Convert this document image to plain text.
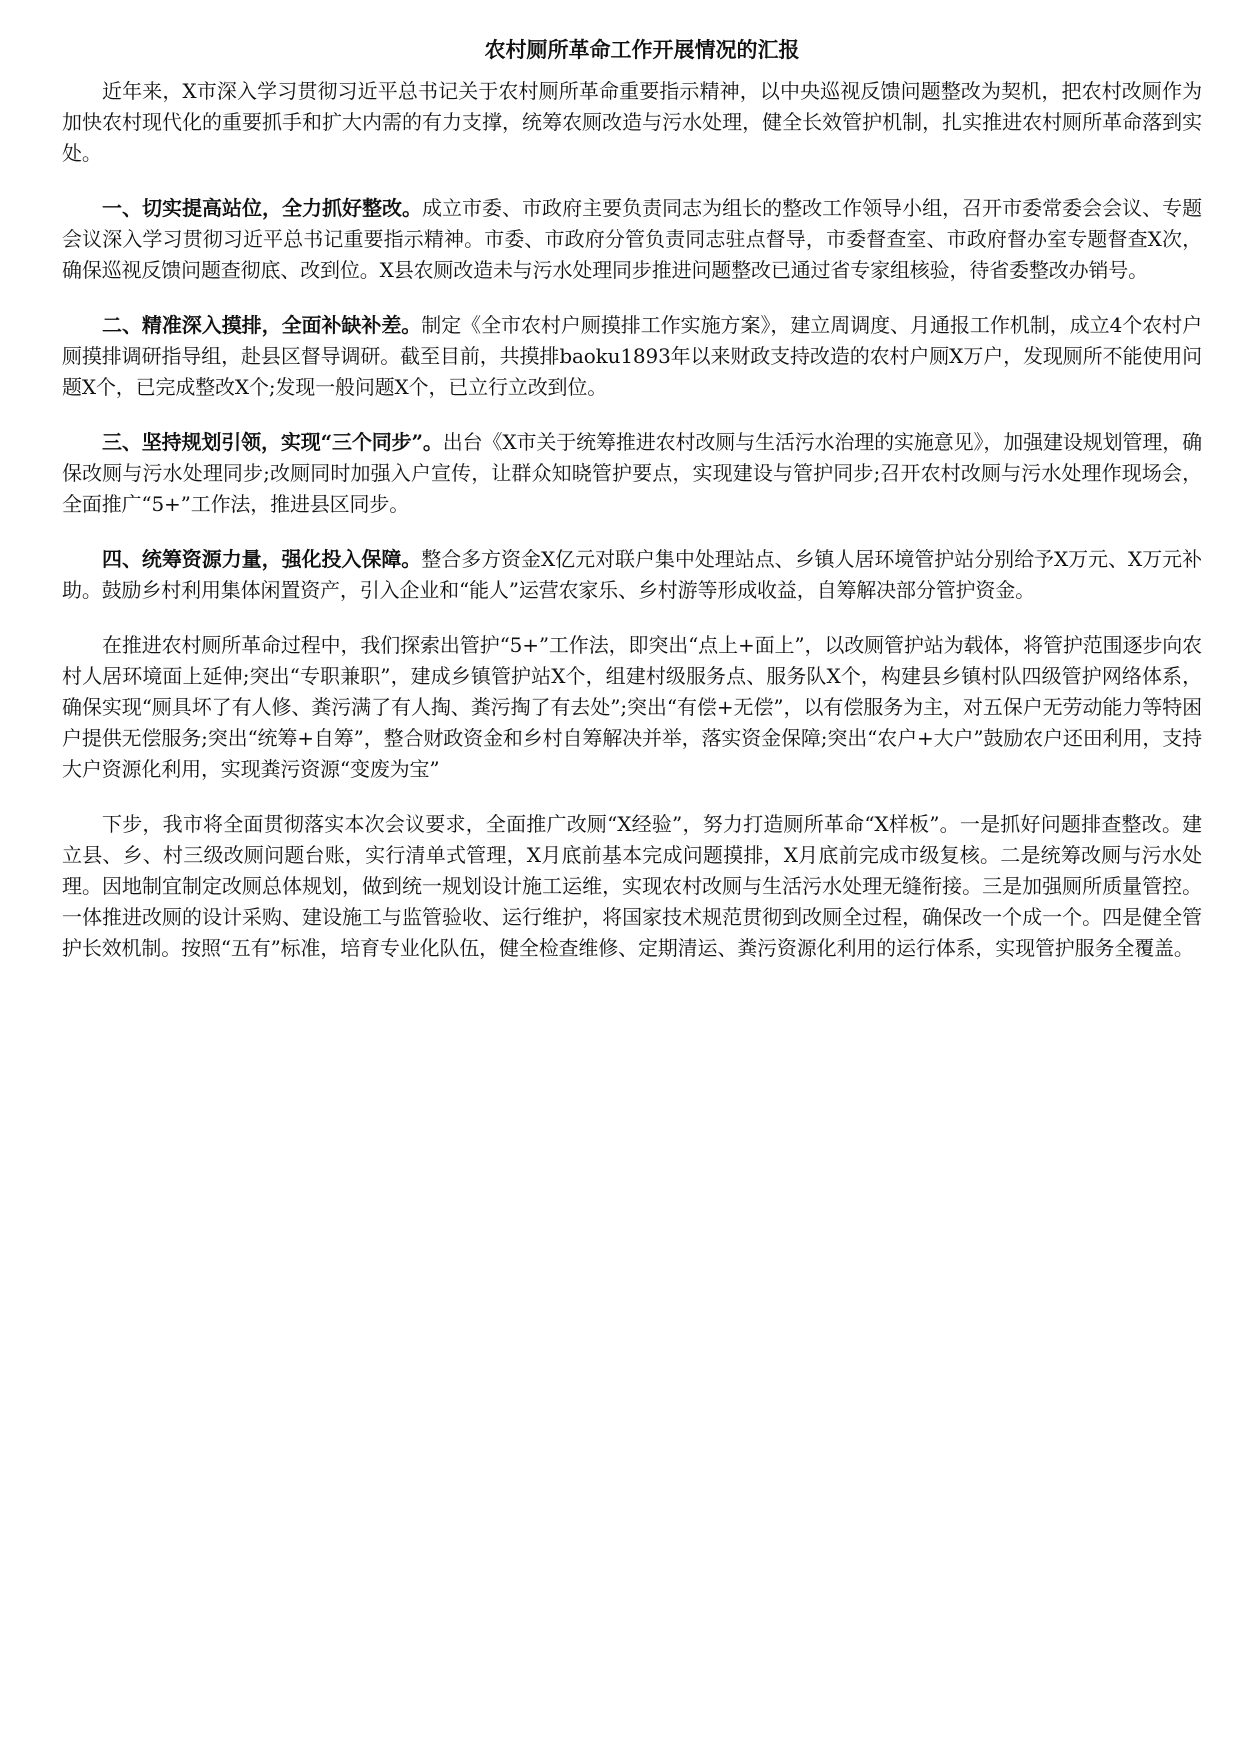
农村厕所革命工作开展情况的汇报

近年来，X市深入学习贯彻习近平总书记关于农村厕所革命重要指示精神，以中央巡视反馈问题整改为契机，把农村改厕作为加快农村现代化的重要抓手和扩大内需的有力支撑，统筹农厕改造与污水处理，健全长效管护机制，扎实推进农村厕所革命落到实处。

一、切实提高站位，全力抓好整改。成立市委、市政府主要负责同志为组长的整改工作领导小组，召开市委常委会会议、专题会议深入学习贯彻习近平总书记重要指示精神。市委、市政府分管负责同志驻点督导，市委督查室、市政府督办室专题督查X次，确保巡视反馈问题查彻底、改到位。X县农厕改造未与污水处理同步推进问题整改已通过省专家组核验，待省委整改办销号。

二、精准深入摸排，全面补缺补差。制定《全市农村户厕摸排工作实施方案》，建立周调度、月通报工作机制，成立4个农村户厕摸排调研指导组，赴县区督导调研。截至目前，共摸排baoku1893年以来财政支持改造的农村户厕X万户，发现厕所不能使用问题X个，已完成整改X个;发现一般问题X个，已立行立改到位。

三、坚持规划引领，实现“三个同步”。出台《X市关于统筹推进农村改厕与生活污水治理的实施意见》，加强建设规划管理，确保改厕与污水处理同步;改厕同时加强入户宣传，让群众知晓管护要点，实现建设与管护同步;召开农村改厕与污水处理作现场会，全面推广“5+”工作法，推进县区同步。

四、统筹资源力量，强化投入保障。整合多方资金X亿元对联户集中处理站点、乡镇人居环境管护站分别给予X万元、X万元补助。鼓励乡村利用集体闲置资产，引入企业和“能人”运营农家乐、乡村游等形成收益，自筹解决部分管护资金。

在推进农村厕所革命过程中，我们探索出管护“5+”工作法，即突出“点上+面上”，以改厕管护站为载体，将管护范围逐步向农村人居环境面上延伸;突出“专职兼职”，建成乡镇管护站X个，组建村级服务点、服务队X个，构建县乡镇村队四级管护网络体系，确保实现“厕具坏了有人修、粪污满了有人掏、粪污掏了有去处”;突出“有偿+无偿”，以有偿服务为主，对五保户无劳动能力等特困户提供无偿服务;突出“统筹+自筹”，整合财政资金和乡村自筹解决并举，落实资金保障;突出“农户+大户”鼓励农户还田利用，支持大户资源化利用，实现粪污资源“变废为宝”

下步，我市将全面贯彻落实本次会议要求，全面推广改厕“X经验”，努力打造厕所革命“X样板”。一是抓好问题排查整改。建立县、乡、村三级改厕问题台账，实行清单式管理，X月底前基本完成问题摸排，X月底前完成市级复核。二是统筹改厕与污水处理。因地制宜制定改厕总体规划，做到统一规划设计施工运维，实现农村改厕与生活污水处理无缝衔接。三是加强厕所质量管控。一体推进改厕的设计采购、建设施工与监管验收、运行维护，将国家技术规范贯彻到改厕全过程，确保改一个成一个。四是健全管护长效机制。按照“五有”标准，培育专业化队伍，健全检查维修、定期清运、粪污资源化利用的运行体系，实现管护服务全覆盖。
